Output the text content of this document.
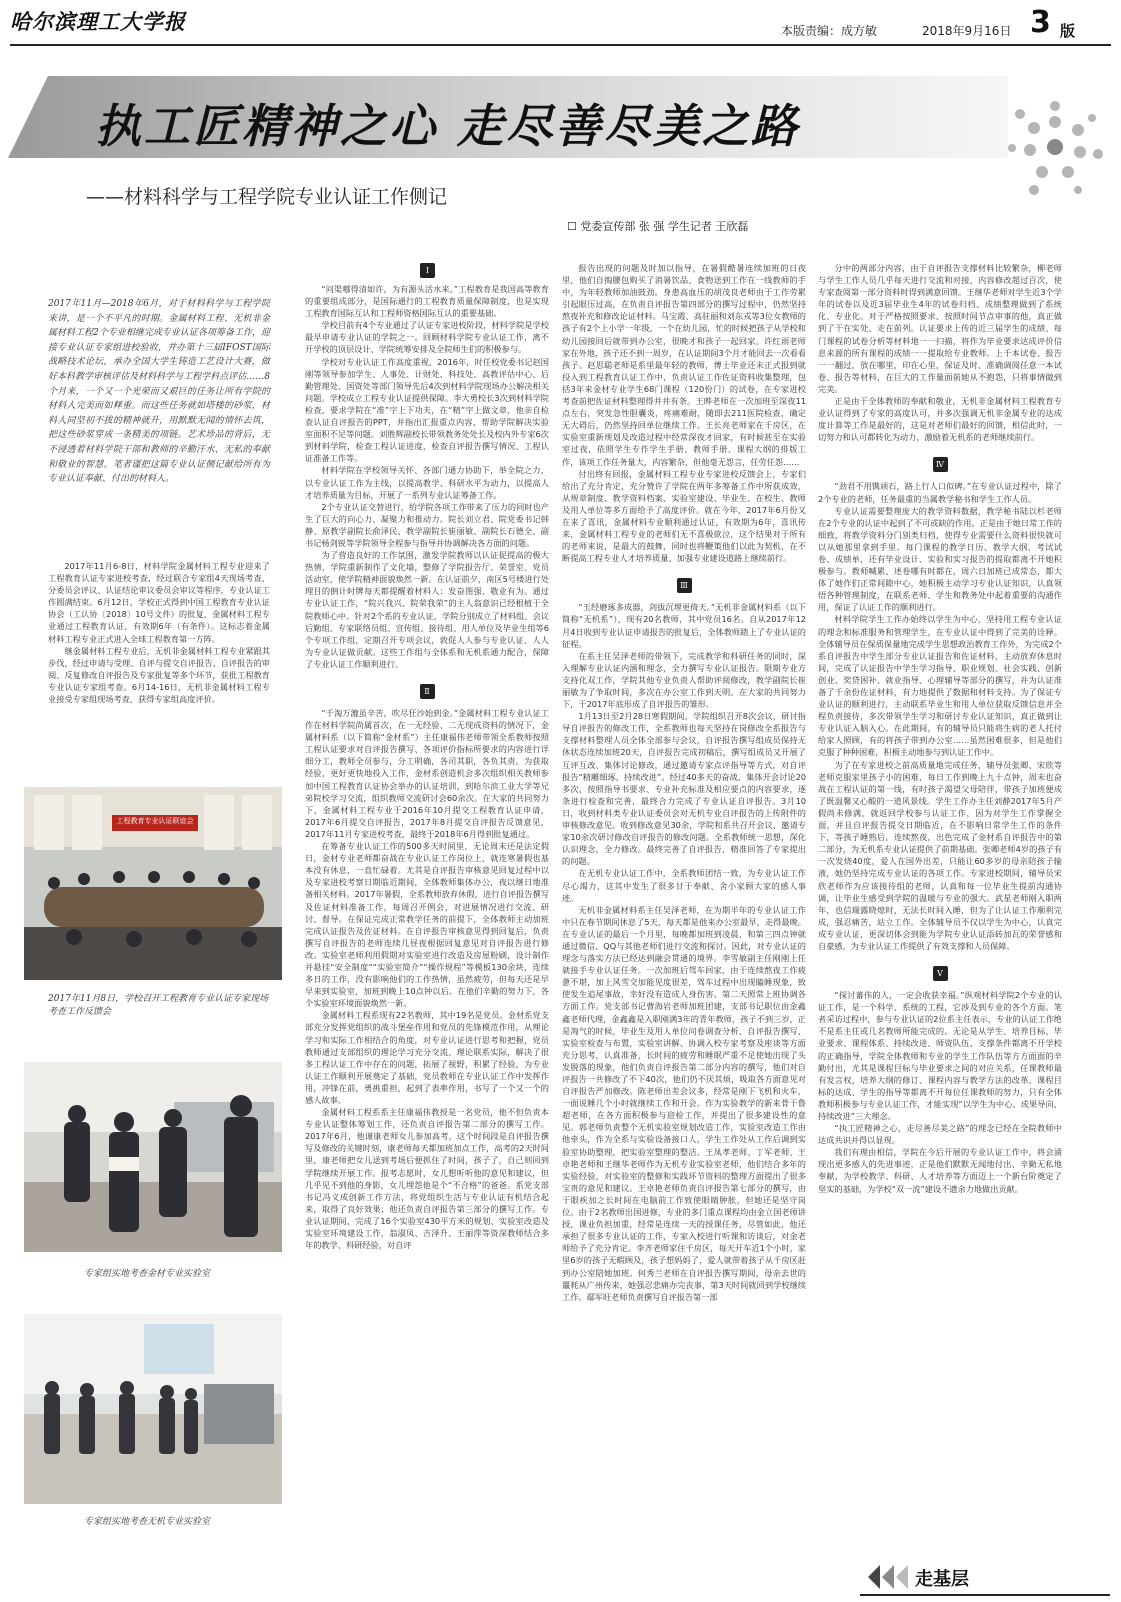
哈尔滨理工大学报	本版责编：成方敏	2018年9月16日 3 版
执工匠精神之心 走尽善尽美之路
——材料科学与工程学院专业认证工作侧记
☐ 党委宣传部 张 强 学生记者 王欣磊
2017年11月—2018年6月，对于材料科学与工程学院来讲，是一个不平凡的时期。金属材料工程、无机非金属材料工程2个专业相继完成专业认证各项筹备工作，迎接专业认证专家组进校验收，并办第十三届IFOST国际战略技术论坛，承办全国大学生铸造工艺设计大赛，做好本科教学审核评估及材料科学与工程学科点评估……8个月来，一个又一个光荣而又艰巨的任务让所有学院的材料人完美而如释重。而这些任务就如塔楼的砂浆，材料人同坚初不拔的精神就升，用默默无闻的情怀去筑，把这些砂浆穿成一条精美的项链。艺术珍品的背后，无不浸透着材料学院干部和教师的辛勤汗水、无私的奉献和敬业的智慧。笔者谨把这篇专业认证侧记献给所有为专业认证奉献、付出的材料人。

2017年11月6-8日，材料学院金属材料工程专业迎来了工程教育认证专家进校考查，经过联合专家组4天现场考查、分委员会评议、认证结论审议委员会审议等程序，专业认证工作圆满结束。6月12日，学校正式得到中国工程教育专业认证协会（工认协〔2018〕10号文件）的批复，金属材料工程专业通过工程教育认证，有效期6年（有条件）。这标志着金属材料工程专业正式进入全球工程教育第一方阵。

继金属材料工程专业后，无机非金属材料工程专业紧跟其步伐，经过申请与受理、自评与提交自评报告、自评报告的审阅、反复修改自评报告及专家批复等多个环节，获批工程教育专业认证专家组考查。6月14-16日，无机非金属材料工程专业接受专家组现场考查，获得专家组高度评价。

工程教育专业认证联谊会
2017年11月8日，学校召开工程教育专业认证专家现场考查工作反馈会
专家组实地考查金材专业实验室
专家组实地考查无机专业实验室
Ⅰ

“问渠哪得清如许，为有源头活水来。”工程教育是我国高等教育的重要组成部分，是国际通行的工程教育质量保障制度，也是实现工程教育国际互认和工程师资格国际互认的重要基础。

学校目前有4个专业通过了认证专家进校阶段，材料学院是学校最早申请专业认证的学院之一。回顾材料学院专业认证工作，离不开学校的顶层设计、学院统筹安排及全院师生们的积极参与。

学校对专业认证工作高度重视，2016年，时任校党委书记赵国刚等领导参加学生、人事处、计财处、科技处、高教评估中心、后勤管理处、国资处等部门领导先后4次到材料学院现场办公解决相关问题。学校成立工程专业认证提供保障。李大勇校长3次到材料学院检查，要求学院在“准”字上下功夫，在“精”字上做文章，他亲自检查认证自评报告的PPT，并指出汇报重点内容，帮助学院解决实验室面积不足等问题。刘胜辉副校长带领教务处处长及校内外专家6次到材料学院，检查工程认证进度，检查自评报告撰写情况、工程认证准备工作等。

材料学院在学校领导关怀、各部门通力协助下，举全院之力，以专业认证工作为主线，以提高教学、科研水平为动力，以提高人才培养质量为目标，开展了一系列专业认证筹备工作。

2个专业认证交替进行，给学院各项工作带来了压力的同时也产生了巨大的向心力、凝聚力和推动力。院长刘立君、院党委书记韩静、原教学副院长俞泽民、教学副院长崔丽敏、副院长石德全、副书记杨剑锐等学院领导全程参与指导并协调解决各方面的问题。

为了营造良好的工作氛围，激发学院教师以认证促提高的极大热情，学院重新制作了文化墙，整修了学院报告厅、荣誉室、党员活动室，使学院精神面貌焕然一新。在认证前夕，南区5号楼进行处理目的倒计时牌每天都提醒着材料人：发奋图强、敬业有为。通过专业认证工作，“院兴我兴、院荣我荣”的主人翁意识已经根植于全院教师心中。针对2个系的专业认证，学院分别成立了材料组、会议后勤组、专家联络员组、宣传组、接待组、用人单位及毕业生组等6个专项工作组，定期召开专项会议，敦促人人参与专业认证、人人为专业认证做贡献。这些工作组与全体系和无机系通力配合，保障了专业认证工作顺利进行。

Ⅱ

“千淘万漉虽辛苦，吹尽狂沙始到金。”金属材料工程专业认证工作在材料学院尚属首次，在一无经验、二无现成资料的情况下，金属材料系（以下简称“金材系”）主任康福伟老师带领全系教师按照工程认证要求对自评报告撰写、各项评价指标所要求的内容进行详细分工，教师全员参与，分工明确，各司其职，各负其责。为获取经验，更好更快地投入工作，金材系创造机会多次组织相关教师参加中国工程教育认证协会举办的认证培训，到哈尔滨工业大学等兄弟院校学习交流，组织教师交流研讨会60余次。在大家的共同努力下，金属材料工程专业于2016年10月提交工程教育认证申请，2017年6月提交自评报告，2017年8月提交自评报告反馈意见，2017年11月专家进校考查，最终于2018年6月得到批复通过。

在筹备专业认证工作的500多天时间里，无论周末还是法定假日，金材专业老师都奋战在专业认证工作岗位上，就连寒暑假也基本没有休息，一直忙碌着。尤其是自评报告审核意见回复过程中以及专家进校考察日期临近期间，全体教师集体办公，夜以继日地准备相关材料。2017年暑假，全系教师放弃休假，进行自评报告撰写及佐证材料准备工作，每周召开例会，对进展情况进行交流、研讨、督导。在保证完成正常教学任务的前提下，全体教师主动加班完成认证报告及佐证材料。在自评报告审核意见得到回复后，负责撰写自评报告的老师连续几昼夜根据回复意见对自评报告进行修改。实验室老师利用假期对实验室进行改造及房屋粉刷，设计制作并悬挂“安全制度”“实验室简介”“操作规程”等模板130余块，连续多日的工作，没有影响他们的工作热情，虽然疲劳，但每天还是早早来到实验室，加班到晚上10点钟以后。在他们辛勤的努力下，各个实验室环境面貌焕然一新。

金属材料工程系现有22名教师，其中19名是党员。金材系党支部充分发挥党组织的战斗堡垒作用和党员的先锋模范作用，从理论学习和实际工作相结合的角度，对专业认证进行思考和把握，党员教师通过支部组织的理论学习充分交流、理论联系实际，解决了很多工程认证工作中存在的问题，拓展了视野，积累了经验，为专业认证工作顺利开展奠定了基础，党员教师在专业认证工作中发挥作用，冲锋在前，勇挑重担，起到了表率作用，书写了一个又一个的感人故事。

金属材料工程系系主任康福伟教授是一名党员，他不但负责本专业认证整体筹划工作，还负责自评报告第二部分的撰写工作。2017年6月，他谨康老师女儿参加高考，这个时间段是自评报告撰写及修改的关键时刻，康老师每天都加班加点工作，高考的2天时间里，康老师把女儿送到考场后便抓住了时间，孩子了，自己则回到学院继续开展工作。报考志愿时，女儿想听听他的意见和建议，但几乎见不到他的身影，女儿埋怨他是个“不合格”的爸爸。系党支部书记冯义成创新工作方法，将党组织生活与专业认证有机结合起来，取得了良好效果；他还负责自评报告第三部分的撰写工作。专业认证期间，完成了16个实验室430平方米的规划、实验室改造及实验室环境建设工作，翁淑凤、吉泽升、王丽萍等资深教师结合多年的教学、科研经验，对自评

报告出现的问题及时加以指导，在暑假酷暑连续加班的日夜里，他们自掏腰包购买了消暑饮品、食物送到工作在一线教师的手中，为年轻教师加油鼓劲。身患高血压的胡茂良老师由于工作劳累引起眼压过高，在负责自评报告第四部分的撰写过程中，仍然坚持熬夜补充和修改论证材料。马宝霞、高驻丽和刘东戎等3位女教师的孩子有2个上小学一年级，一个在幼儿园，忙的时候把孩子从学校和幼儿园接回后就带到办公室，很晚才和孩子一起回家。许红雨老师家在外地，孩子还不到一周岁，在认证期间3个月才能回去一次看看孩子。赵思聪老师是系里最年轻的教师，博士毕业还未正式报到就投入到工程教育认证工作中，负责认证工作佐证资料收集整理，包括3年来金材专业学生68门课程（120份门）的试卷，在专家进校考查前把佐证材料整理得井井有条。王晔老师在一次加班至深夜11点左右，突发急性胆囊炎，疼痛难耐，随即去211医院检查，确定无大碍后，仍然坚持回单位继续工作。王长亮老师家在千房区，在实验室重新规划及改造过程中经常深夜才回家，有时候甚至在实验室过夜，依照学生专作学生手册、教师手册、课程大纲的排版工作，该项工作任务量大，内容繁杂，但他毫无怨言，任劳任怨……

付出终有回报，金属材料工程专业专家进校反馈会上，专家们给出了充分肯定，充分赞许了学院在两年多筹备工作中所获成效，从规章制度、教学资料档案、实验室建设、毕业生、在校生、教师及用人单位等多方面给予了高度评价。就在今年，2017年6月份又在来了喜讯，金属材料专业顺利通过认证，有效期为6年，喜讯传来，金属材料工程专业的老师们无不喜极欲泣，这个结果对于所有的老师来说，是最大的鼓舞，同时也将鞭策他们以此为契机，在不断提高工程专业人才培养质量、加强专业建设道路上继续前行。

Ⅲ

“玉经磨琢多成器，剑拔沉埋更倚天。”无机非金属材料系（以下简称“无机系”），现有20名教师，其中党员16名。自从2017年12月4日收到专业认证申请报告的批复后，全体教师踏上了专业认证的征程。

在系主任吴泽老师的带领下，完成教学和科研任务的同时，深入理解专业认证内涵和理念，全力撰写专业认证报告。限期专业方支持化双工作，学院其他专业负责人帮助评阅修改，教学副院长崔丽敏为了争取时间，多次在办公室工作到天明。在大家的共同努力下，于2017年底形成了自评报告的雏形。

1月13日至2月28日寒假期间，学院组织召开8次会议，研讨指导自评报告的修改工作，全系教师也每天坚持在岗修改全系报告与支撑材料整理人员全体全部参与会议，自评报告撰写组成员保持无休状态连续加班20天，自评报告完成初稿后，撰写组成员又开展了互评互改、集体讨论修改，通过邀请专家点评指导等方式，对自评报告“精雕细琢，持续改进”。经过40多天的奋战，集体开会讨论20多次，按照指导书要求、专业补充标准及相应要点的内容要求，逐条进行检查和完善，最终合力完成了专业认证自评报告。3月10日，收到材料类专业认证委员会对无机专业自评报告的上传附件的审核修改意见。收到修改意见30余，学院和系共召开会议，邀请专家10余次研讨修改自评报告的修改问题。全系教师统一思想，深化认识理念，全力修改。最终完善了自评报告，精准回答了专家提出的问题。

在无机专业认证工作中，全系教师团结一致，为专业认证工作尽心竭力，这其中发生了很多甘于奉献、舍小家顾大家的感人事迹。

无机非金属材料系主任吴泽老师，在为期半年的专业认证工作中只在春节期间休息了5天，每天都是他来办公室最早，走得最晚。在专业认证的最后一个月里，每晚都加班到凌晨，和第三四点钟就通过微信、QQ与其他老师们进行交流和探讨。因此，对专业认证的理念与落实方法已经达到融会贯通的境界。李雪敏副主任刚刚上任就接手专业认证任务。一次加班后驾车回家，由于连续熬夜工作疲惫不堪，加上风雪交加能见度很差，驾车过程中出现瞌睡现象，致使发生追尾事故，幸好没有造成人身伤害。第二天照常上班协调各方面工作。党支部书记曹海岩老师加班团建，支部书记职位由金鑫鑫老师代理，金鑫鑫是入职刚满3年的青年教师，孩子不到三岁，正是淘气的时候，毕业生及用人单位问卷调查分析、自评报告撰写、实验室检查与布置，实验室讲解、协调入校专家考察及座谈等方面充分思考，认真准备，长时间的疲劳和睡眠严重不足使她出现了头发脱落的现象，他们负责自评报告第二部分内容的撰写，他们对自评报告一共修改了不下40次，他们仍不厌其烦，吸取各方面意见对自评报告严加修改。陈老师出差会议多，经常是刚下飞机和火车，一面说睡几个小时就继续工作和开会。作为实验教学的新来骨干鲁超老师，在各方面积极参与迎检工作，并提出了很多建设性的意见。郭老师负责整个无机实验室规划改造工作，实验室改造工作由他牵头，作为全系与实验设备接口人，学生工作处从工作后调到实验室协助整理，把实验室整理的整洁。王凤孝老师、丁军老师、王卓艳老师和王继华老师作为无机专业实验室老师，他们结合多年的实验经验，对实验室的整修和实践环节资料的整理方面提出了很多宝贵的意见和建议。王卓艳老师负责自评报告第七部分的撰写，由于眼疾加之长时间在电脑前工作致使眼睛肿胀，但她还是坚守岗位。由于2名教师出国进修，专业的多门重点课程均由金立国老师讲授，课业负担加重，经常是连续一天的授课任务，尽管如此，他还承担了很多专业认证的工作，专家入校进行听课和访谈后，对金老师给予了充分肯定。李齐老师家住千房区，每天开车近1个小时，家里6岁的孩子无暇顾及，孩子想妈妈了，爱人就带着孩子从千房区赶到办公室陪她加班。何秀兰老师在自评报告撰写期间，母亲去世的噩耗从广州传来，她强忍悲痛办完丧事，第3天时间就回到学校继续工作。鄢军旺老师负责撰写自评报告第一部

分中的两部分内容，由于自评报告支撑材料比较繁杂，柳老师与学生工作人员几乎每天进行交流和对接，内容修改超过百次，使专家查阅第一部分资料时得到满意回馈。王继华老师对学生近3个学年的试卷以及近3届毕业生4年的试卷归档、成绩整理做到了系统化、专业化。对于严格按照要求、按照时间节点审事的他，真正做到了干在实处、走在前列。认证要求上传的近三届学生的成绩、每门课程的试卷分析等材料地一一扫描，将作为毕业要求达成评价信息来源的所有课程的成绩一一提取给专业教师。上千本试卷、报告一一翻过，放在哪里，印在心里，保证及时、准确调阅任意一本试卷、报告等材料，在巨大的工作量面前她从不抱怨，只将事情做到完美。

正是由于全体教师的奉献和敬业，无机非金属材料工程教育专业认证得到了专家的高度认可，并多次强调无机非金属专业的达成度计算等工作是最好的，这是对老师们最好的回馈，相信此时，一切努力和认可都转化为动力，激励着无机系的老师继续前行。

Ⅳ

“劲君不用镌顽石，路上行人口似碑。”在专业认证过程中，除了2个专业的老师，任务最重的当属教学秘书和学生工作人员。

专业认证需要整理庞大的教学资料数据，教学秘书陆以杉老师在2个专业的认证中起到了不可或缺的作用。正是由于她日常工作的细致，将教学资料分门别类归档，使得专业需要什么资料很快就可以从她那里拿到手里。每门课程的教学日历、教学大纲、考试试卷、成绩单，还有毕业设计、实验和实习报告的提取都离不开她积极参与。教师喊累、述卷哪有时都在，周六日加班已成常态，都大体了她作们正常间隙中心，她积极主动学习专业认证知识，认真领悟各种管理制度，在联系老师、学生和教务处中起着重要的沟通作用，保证了认证工作的顺利进行。

材料学院学生工作办始终以学生为中心，坚持用工程专业认证的理念和标准服务和管理学生，在专业认证中得到了完美的诠释。全体辅导员在保质保量地完成学生思想政治教育工作外，为完成2个系自评报告中学生部分专业认证报告和佐证材料，主动放弃休息时间，完成了认证报告中学生学习指导、职业规划、社会实践、创新创业、奖贷困补、就业指导、心理辅导等部分的撰写，并为认证准备了千余份佐证材料，有力地提供了数据和材料支持。为了保证专业认证的顺利进行，主动联系毕业生和用人单位获取反馈信息并全程负责接待，多次带领学生学习和研讨专业认证知识，真正做到让专业认证入脑入心。在此期间，有的辅导员只能将生病的老人托付给家人照顾，有的将孩子带到办公室……虽然困难很多，但是他们克服了种种困难，积极主动地参与到认证工作中。

为了在专家进校之前高质量地完成任务，辅导员张卿、宋欣等老师克服家里孩子小的困难，每日工作到晚上九十点钟，周末也奋战在工程认证的第一线，有时孩子渴望父母陪伴，带孩子加班便成了既温馨又心酸的一道风景线。学生工作办主任刘静2017年5月产假尚未修满，就返回学校参与认证工作，因为对学生工作掌握全面，并且自评报告提交日期临近，在不影响日常学生工作的条件下，等孩子睡熟后，连续熬夜，出色完成了金材系自评报告中的第二部分，为无机系专业认证提供了前期基础。张卿老师4岁的孩子有一次发烧40度，爱人在国外出差，只能让60多岁的母亲陪孩子输液，她仍坚持完成专业认证的各项工作。专家进校期间，辅导员宋欣老师作为应该接待组的老师，认真和每一位毕业生提前沟通协调，让毕业生感受到学院的温暖与专业的强大。武星老师刚入职两年，也信瑞露晓熄时，无法长时间入睡，但为了让认证工作顺利完成，强忍痛苦，站立工作。全体辅导员不仅以学生为中心，认真完成专业认证，更深切体会到能为学院专业认证添砖加瓦的荣誉感和自豪感，为专业认证工作提供了有效支撑和人员保障。

Ⅴ

“探讨蕃伟的人，一定会收获幸福。”纵观材料学院2个专业的认证工作，是一个科学、系统的工程，它涉及到专业的各个方面。笔者采访过程中，参与专业认证的2位系主任表示，专业的认证工作绝不是系主任或几名教师所能完成的。无论是从学生、培养目标、毕业要求、课程体系、持续改进、师资队伍、支撑条件都离不开学校的正确指导，学院全体教师和专业的学生工作队伍等方方面面的辛勤付出，尤其是课程目标与毕业要求之间的对应关系，任课教师最有发言权，培养大纲的修订、课程内容与教学方法的改革、课程目标的达成、学生的指导等都离不开每位任课教师的努力，只有全体教师积极参与专业认证工作，才能实现“以学生为中心、成果导向、持续改进”三大理念。

“执工匠精神之心，走尽善尽美之路”的理念已经在全院教师中达成共识并得以显现。

我们有理由相信，学院在今后开展的专业认证工作中，将会涌现出更多感人的先进事迹，正是他们默默无闻地付出、辛勤无私地奉献，为学校教学、科研、人才培养等方面迈上一个新台阶奠定了坚实的基础，为学校“双一流”建设不遗余力地做出贡献。

走基层
